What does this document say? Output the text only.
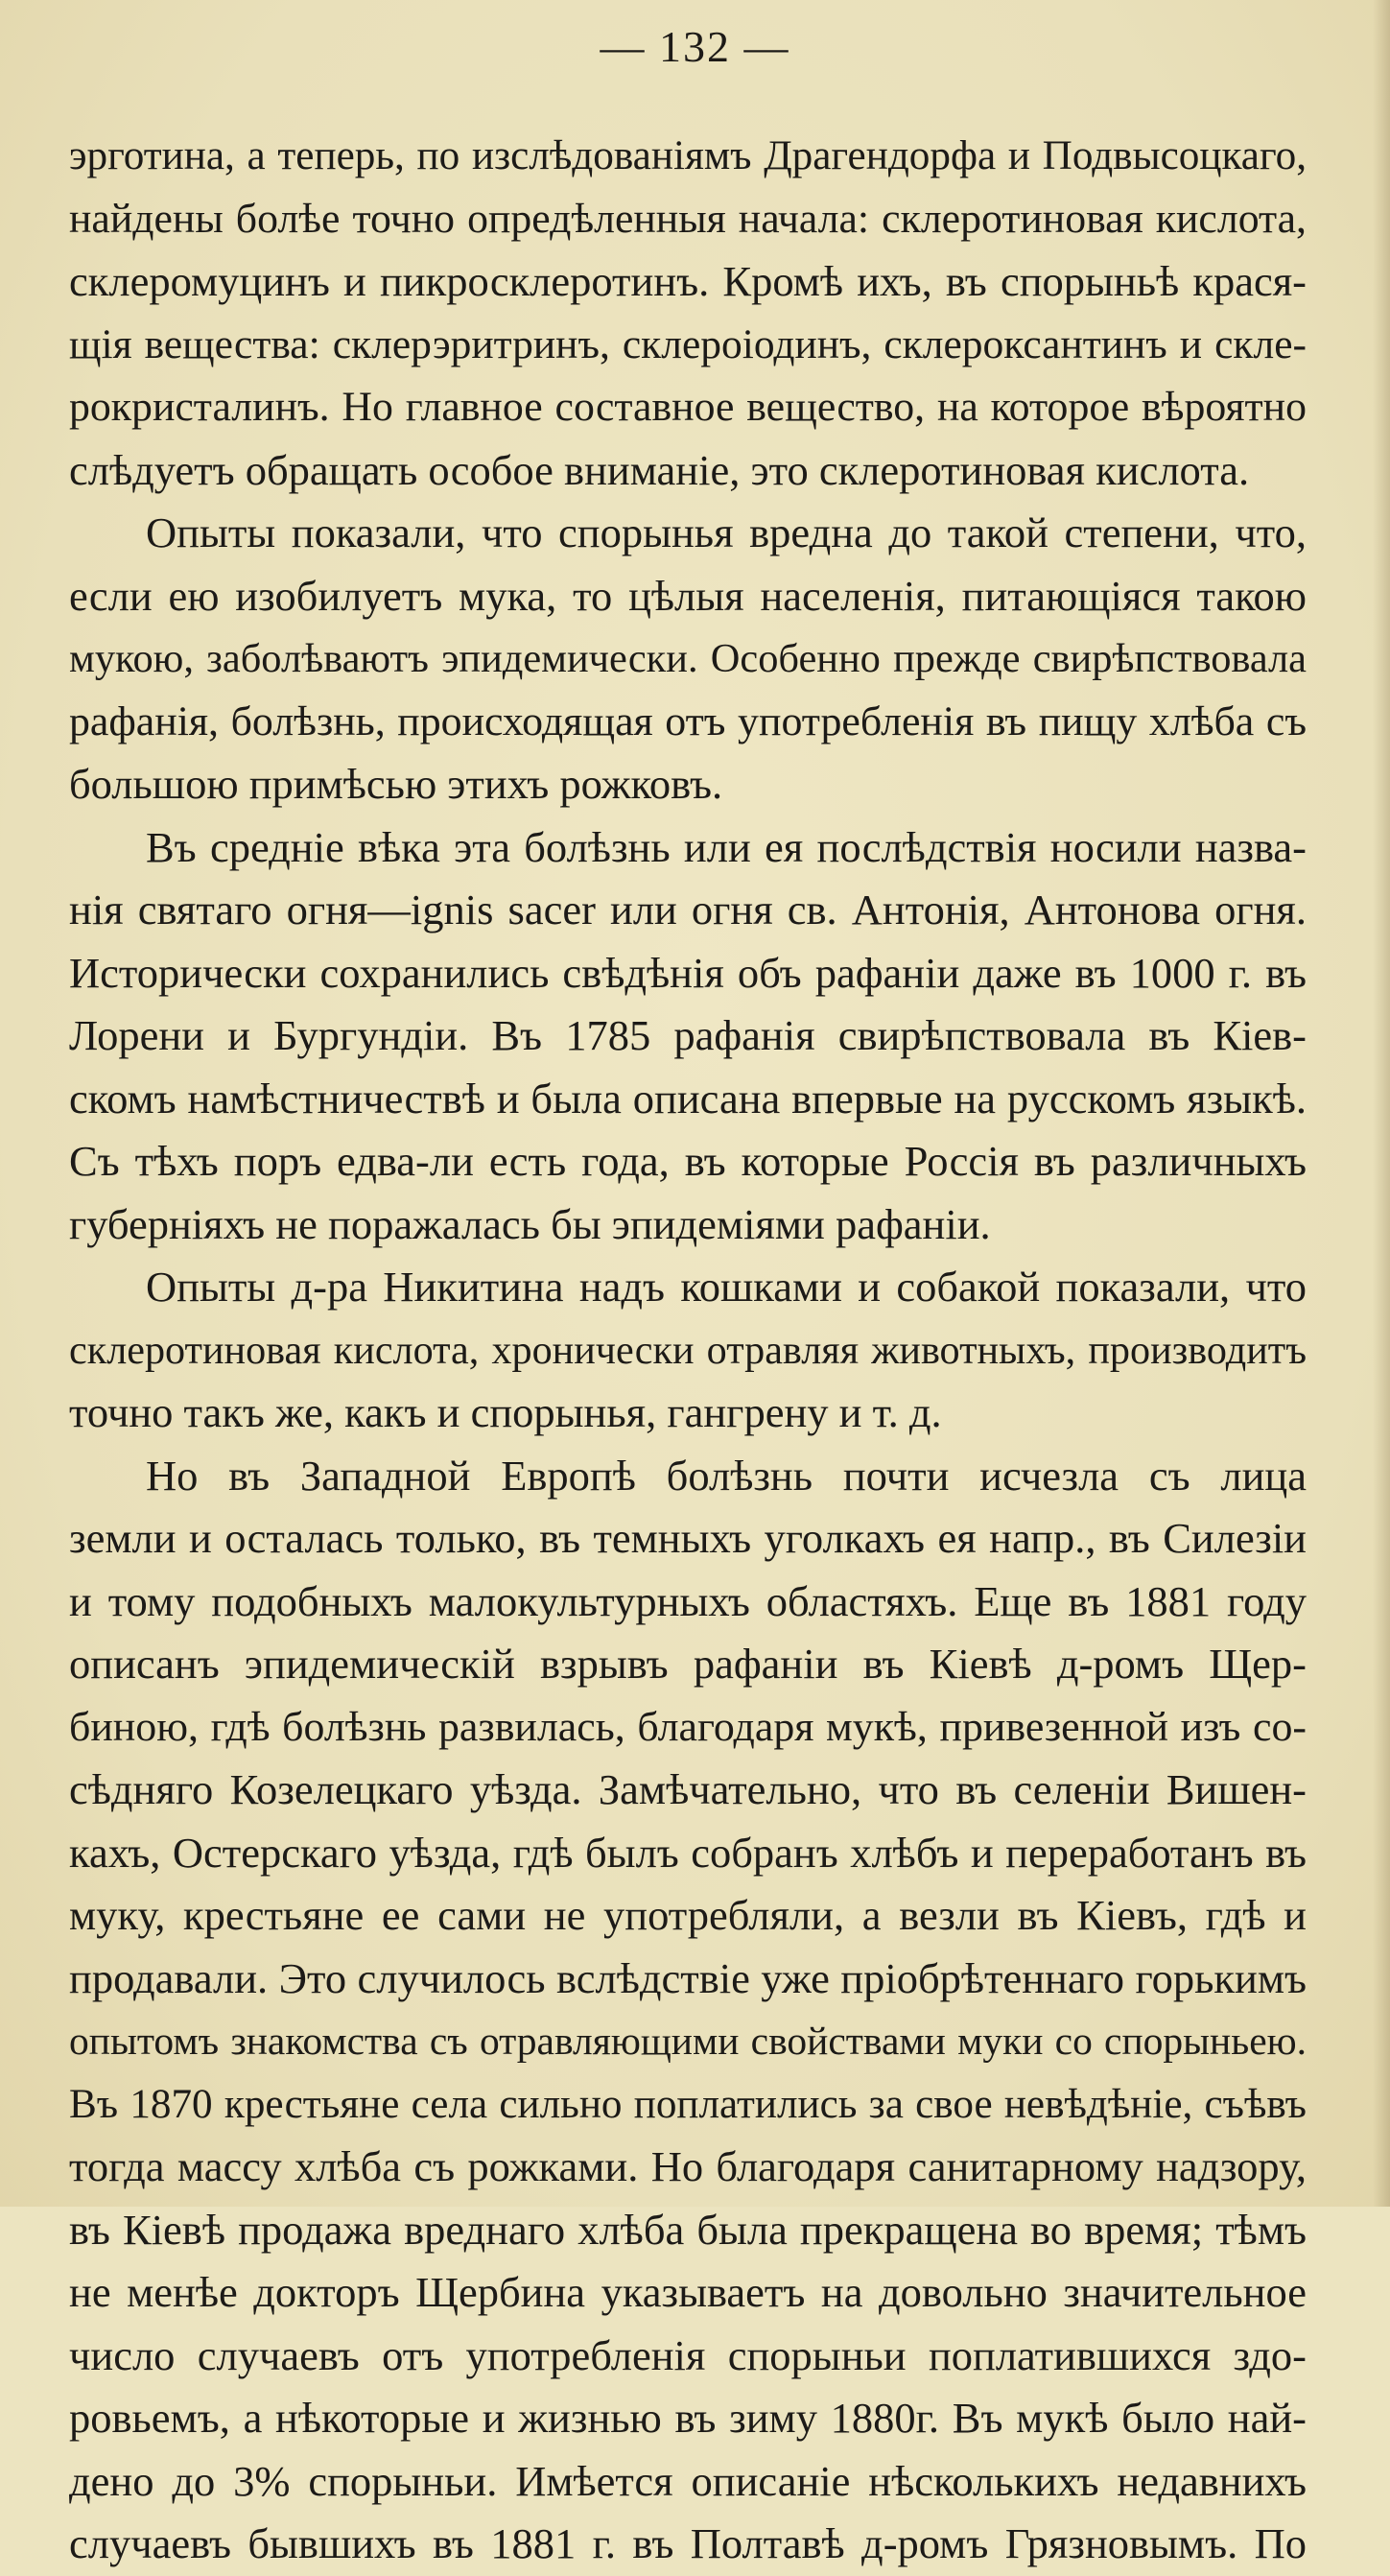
— 132 —
эрготина, а теперь, по изслѣдованіямъ Драгендорфа и Подвысоцкаго,
найдены болѣе точно опредѣленныя начала: склеротиновая кислота,
склеромуцинъ и пикросклеротинъ. Кромѣ ихъ, въ спорыньѣ крася-
щія вещества: склерэритринъ, склероіодинъ, склероксантинъ и скле-
рокристалинъ. Но главное составное вещество, на которое вѣроятно
слѣдуетъ обращать особое вниманіе, это склеротиновая кислота.
Опыты показали, что спорынья вредна до такой степени, что,
если ею изобилуетъ мука, то цѣлыя населенія, питающіяся такою
мукою, заболѣваютъ эпидемически. Особенно прежде свирѣпствовала
рафанія, болѣзнь, происходящая отъ употребленія въ пищу хлѣба съ
большою примѣсью этихъ рожковъ.
Въ средніе вѣка эта болѣзнь или ея послѣдствія носили назва-
нія святаго огня—ignis sacer или огня св. Антонія, Антонова огня.
Исторически сохранились свѣдѣнія объ рафаніи даже въ 1000 г. въ
Лорени и Бургундіи. Въ 1785 рафанія свирѣпствовала въ Кіев-
скомъ намѣстничествѣ и была описана впервые на русскомъ языкѣ.
Съ тѣхъ поръ едва-ли есть года, въ которые Россія въ различныхъ
губерніяхъ не поражалась бы эпидеміями рафаніи.
Опыты д-ра Никитина надъ кошками и собакой показали, что
склеротиновая кислота, хронически отравляя животныхъ, производитъ
точно такъ же, какъ и спорынья, гангрену и т. д.
Но въ Западной Европѣ болѣзнь почти исчезла съ лица
земли и осталась только, въ темныхъ уголкахъ ея напр., въ Силезіи
и тому подобныхъ малокультурныхъ областяхъ. Еще въ 1881 году
описанъ эпидемическій взрывъ рафаніи въ Кіевѣ д-ромъ Щер-
биною, гдѣ болѣзнь развилась, благодаря мукѣ, привезенной изъ со-
сѣдняго Козелецкаго уѣзда. Замѣчательно, что въ селеніи Вишен-
кахъ, Остерскаго уѣзда, гдѣ былъ собранъ хлѣбъ и переработанъ въ
муку, крестьяне ее сами не употребляли, а везли въ Кіевъ, гдѣ и
продавали. Это случилось вслѣдствіе уже пріобрѣтеннаго горькимъ
опытомъ знакомства съ отравляющими свойствами муки со спорыньею.
Въ 1870 крестьяне села сильно поплатились за свое невѣдѣніе, съѣвъ
тогда массу хлѣба съ рожками. Но благодаря санитарному надзору,
въ Кіевѣ продажа вреднаго хлѣба была прекращена во время; тѣмъ
не менѣе докторъ Щербина указываетъ на довольно значительное
число случаевъ отъ употребленія спорыньи поплатившихся здо-
ровьемъ, а нѣкоторые и жизнью въ зиму 1880г. Въ мукѣ было най-
дено до 3% спорыньи. Имѣется описаніе нѣсколькихъ недавнихъ
случаевъ бывшихъ въ 1881 г. въ Полтавѣ д-ромъ Грязновымъ. По
